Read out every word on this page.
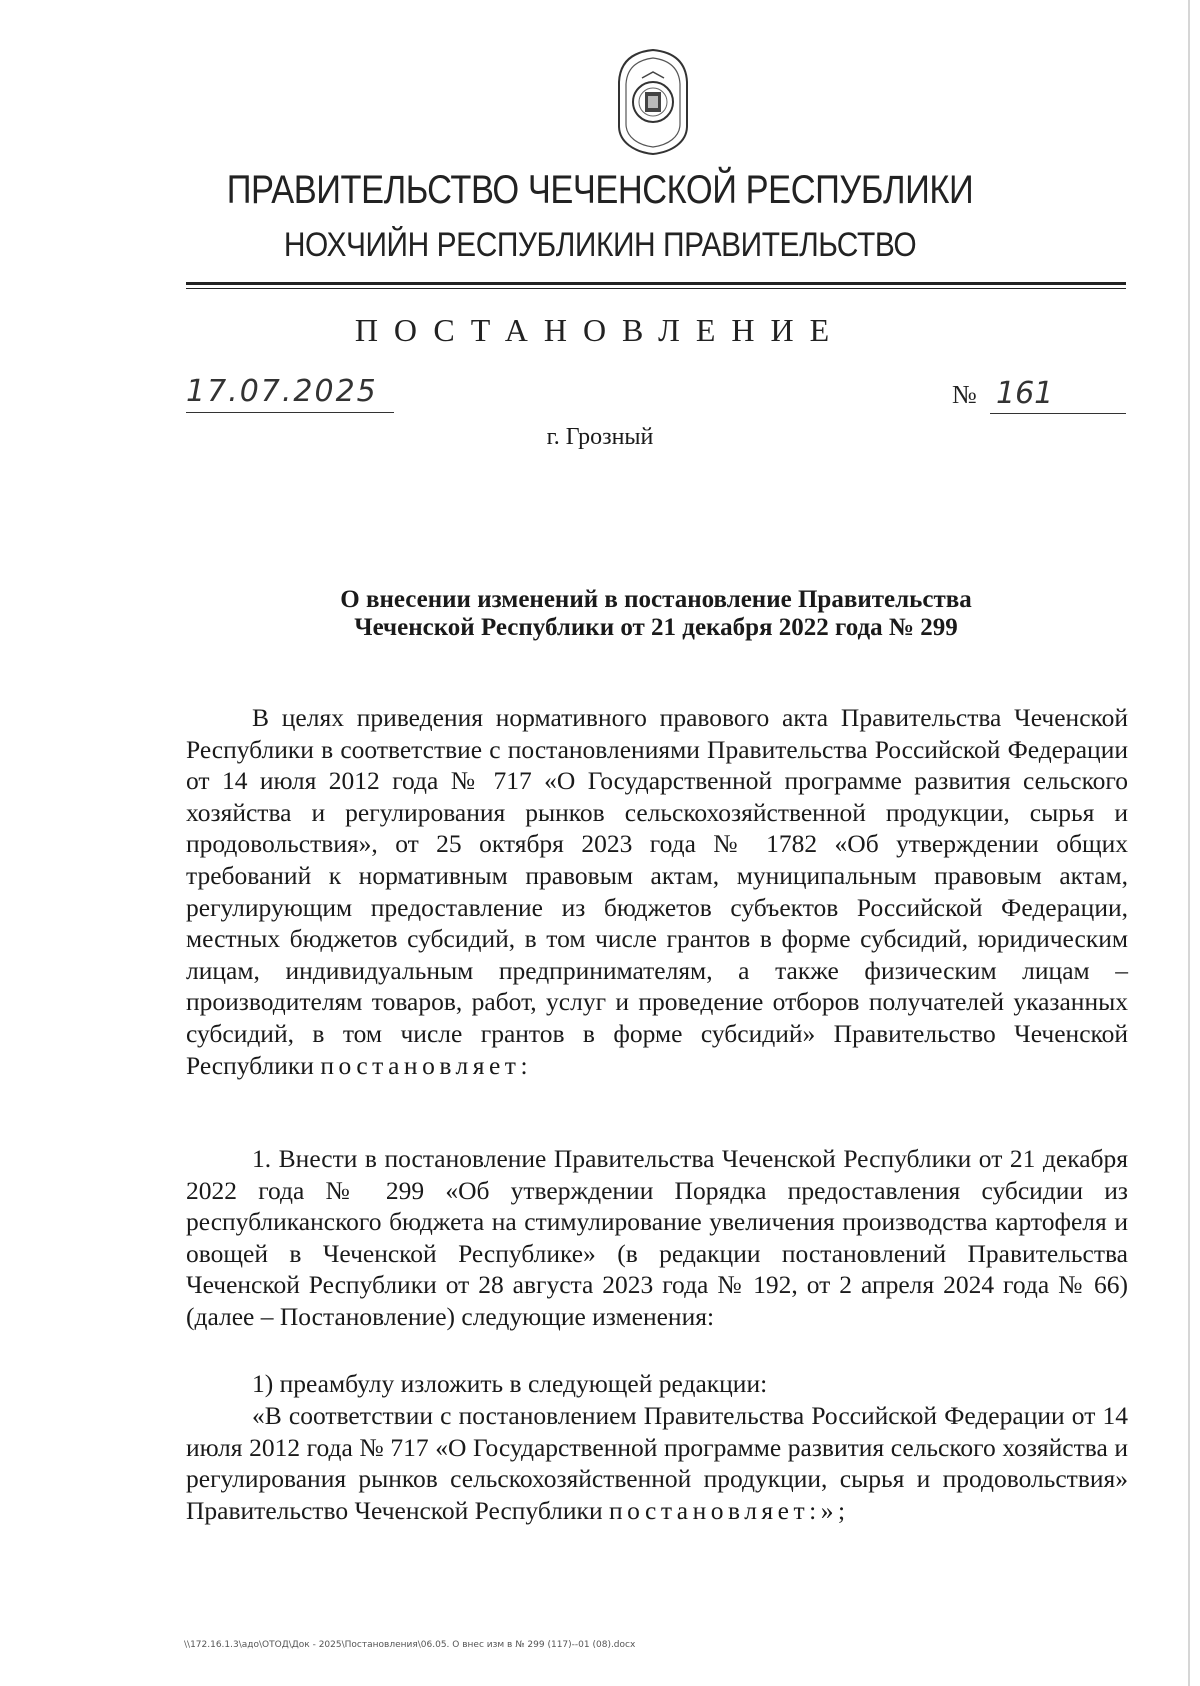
ПРАВИТЕЛЬСТВО ЧЕЧЕНСКОЙ РЕСПУБЛИКИ
НОХЧИЙН РЕСПУБЛИКИН ПРАВИТЕЛЬСТВО
ПОСТАНОВЛЕНИЕ
17.07.2025	№ 161
г. Грозный
О внесении изменений в постановление Правительства
Чеченской Республики от 21 декабря 2022 года № 299

В целях приведения нормативного правового акта Правительства Чеченской Республики в соответствие с постановлениями Правительства Российской Федерации от 14 июля 2012 года № 717 «О Государственной программе развития сельского хозяйства и регулирования рынков сельскохозяйственной продукции, сырья и продовольствия», от 25 октября 2023 года № 1782 «Об утверждении общих требований к нормативным правовым актам, муниципальным правовым актам, регулирующим предоставление из бюджетов субъектов Российской Федерации, местных бюджетов субсидий, в том числе грантов в форме субсидий, юридическим лицам, индивидуальным предпринимателям, а также физическим лицам – производителям товаров, работ, услуг и проведение отборов получателей указанных субсидий, в том числе грантов в форме субсидий» Правительство Чеченской Республики постановляет:

1. Внести в постановление Правительства Чеченской Республики от 21 декабря 2022 года № 299 «Об утверждении Порядка предоставления субсидии из республиканского бюджета на стимулирование увеличения производства картофеля и овощей в Чеченской Республике» (в редакции постановлений Правительства Чеченской Республики от 28 августа 2023 года № 192, от 2 апреля 2024 года № 66) (далее – Постановление) следующие изменения:

1) преамбулу изложить в следующей редакции:

«В соответствии с постановлением Правительства Российской Федерации от 14 июля 2012 года № 717 «О Государственной программе развития сельского хозяйства и регулирования рынков сельскохозяйственной продукции, сырья и продовольствия» Правительство Чеченской Республики постановляет:»;

\\172.16.1.3\адо\ОТОД\Док - 2025\Постановления\06.05. О внес изм в № 299 (117)--01 (08).docx
